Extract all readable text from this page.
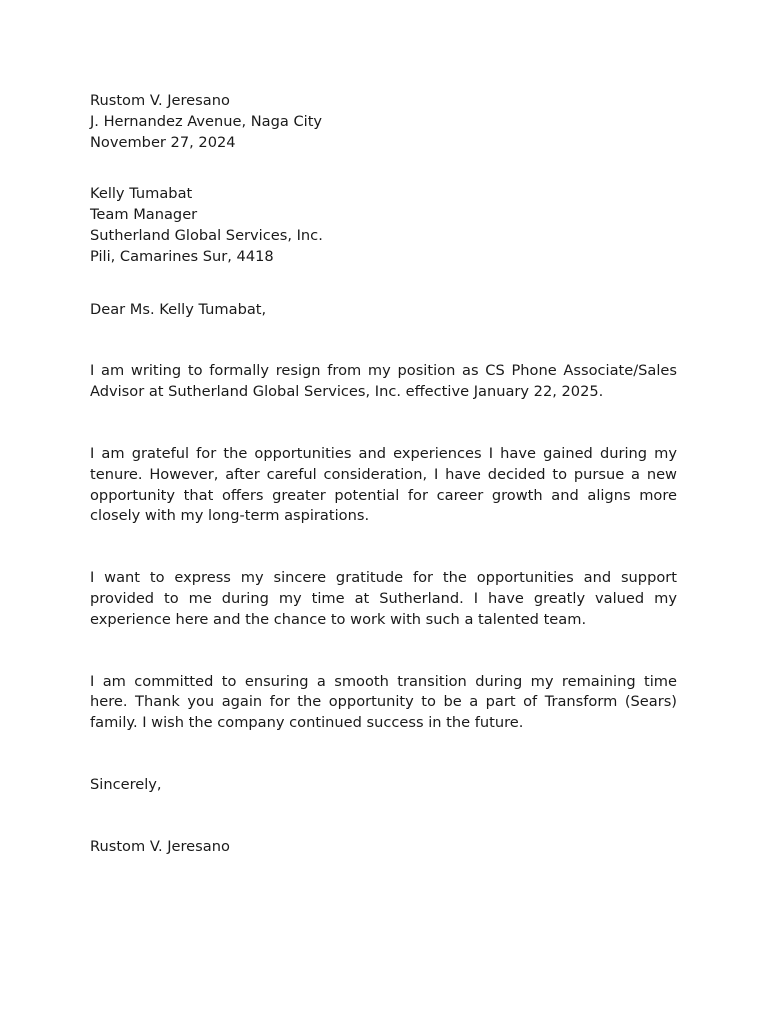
Rustom V. Jeresano
J. Hernandez Avenue, Naga City
November 27, 2024
Kelly Tumabat
Team Manager
Sutherland Global Services, Inc.
Pili, Camarines Sur, 4418

Dear Ms. Kelly Tumabat,

I am writing to formally resign from my position as CS Phone Associate/Sales Advisor at Sutherland Global Services, Inc. effective January 22, 2025.

I am grateful for the opportunities and experiences I have gained during my tenure. However, after careful consideration, I have decided to pursue a new opportunity that offers greater potential for career growth and aligns more closely with my long-term aspirations.

I want to express my sincere gratitude for the opportunities and support provided to me during my time at Sutherland. I have greatly valued my experience here and the chance to work with such a talented team.

I am committed to ensuring a smooth transition during my remaining time here. Thank you again for the opportunity to be a part of Transform (Sears) family. I wish the company continued success in the future.

Sincerely,

Rustom V. Jeresano
